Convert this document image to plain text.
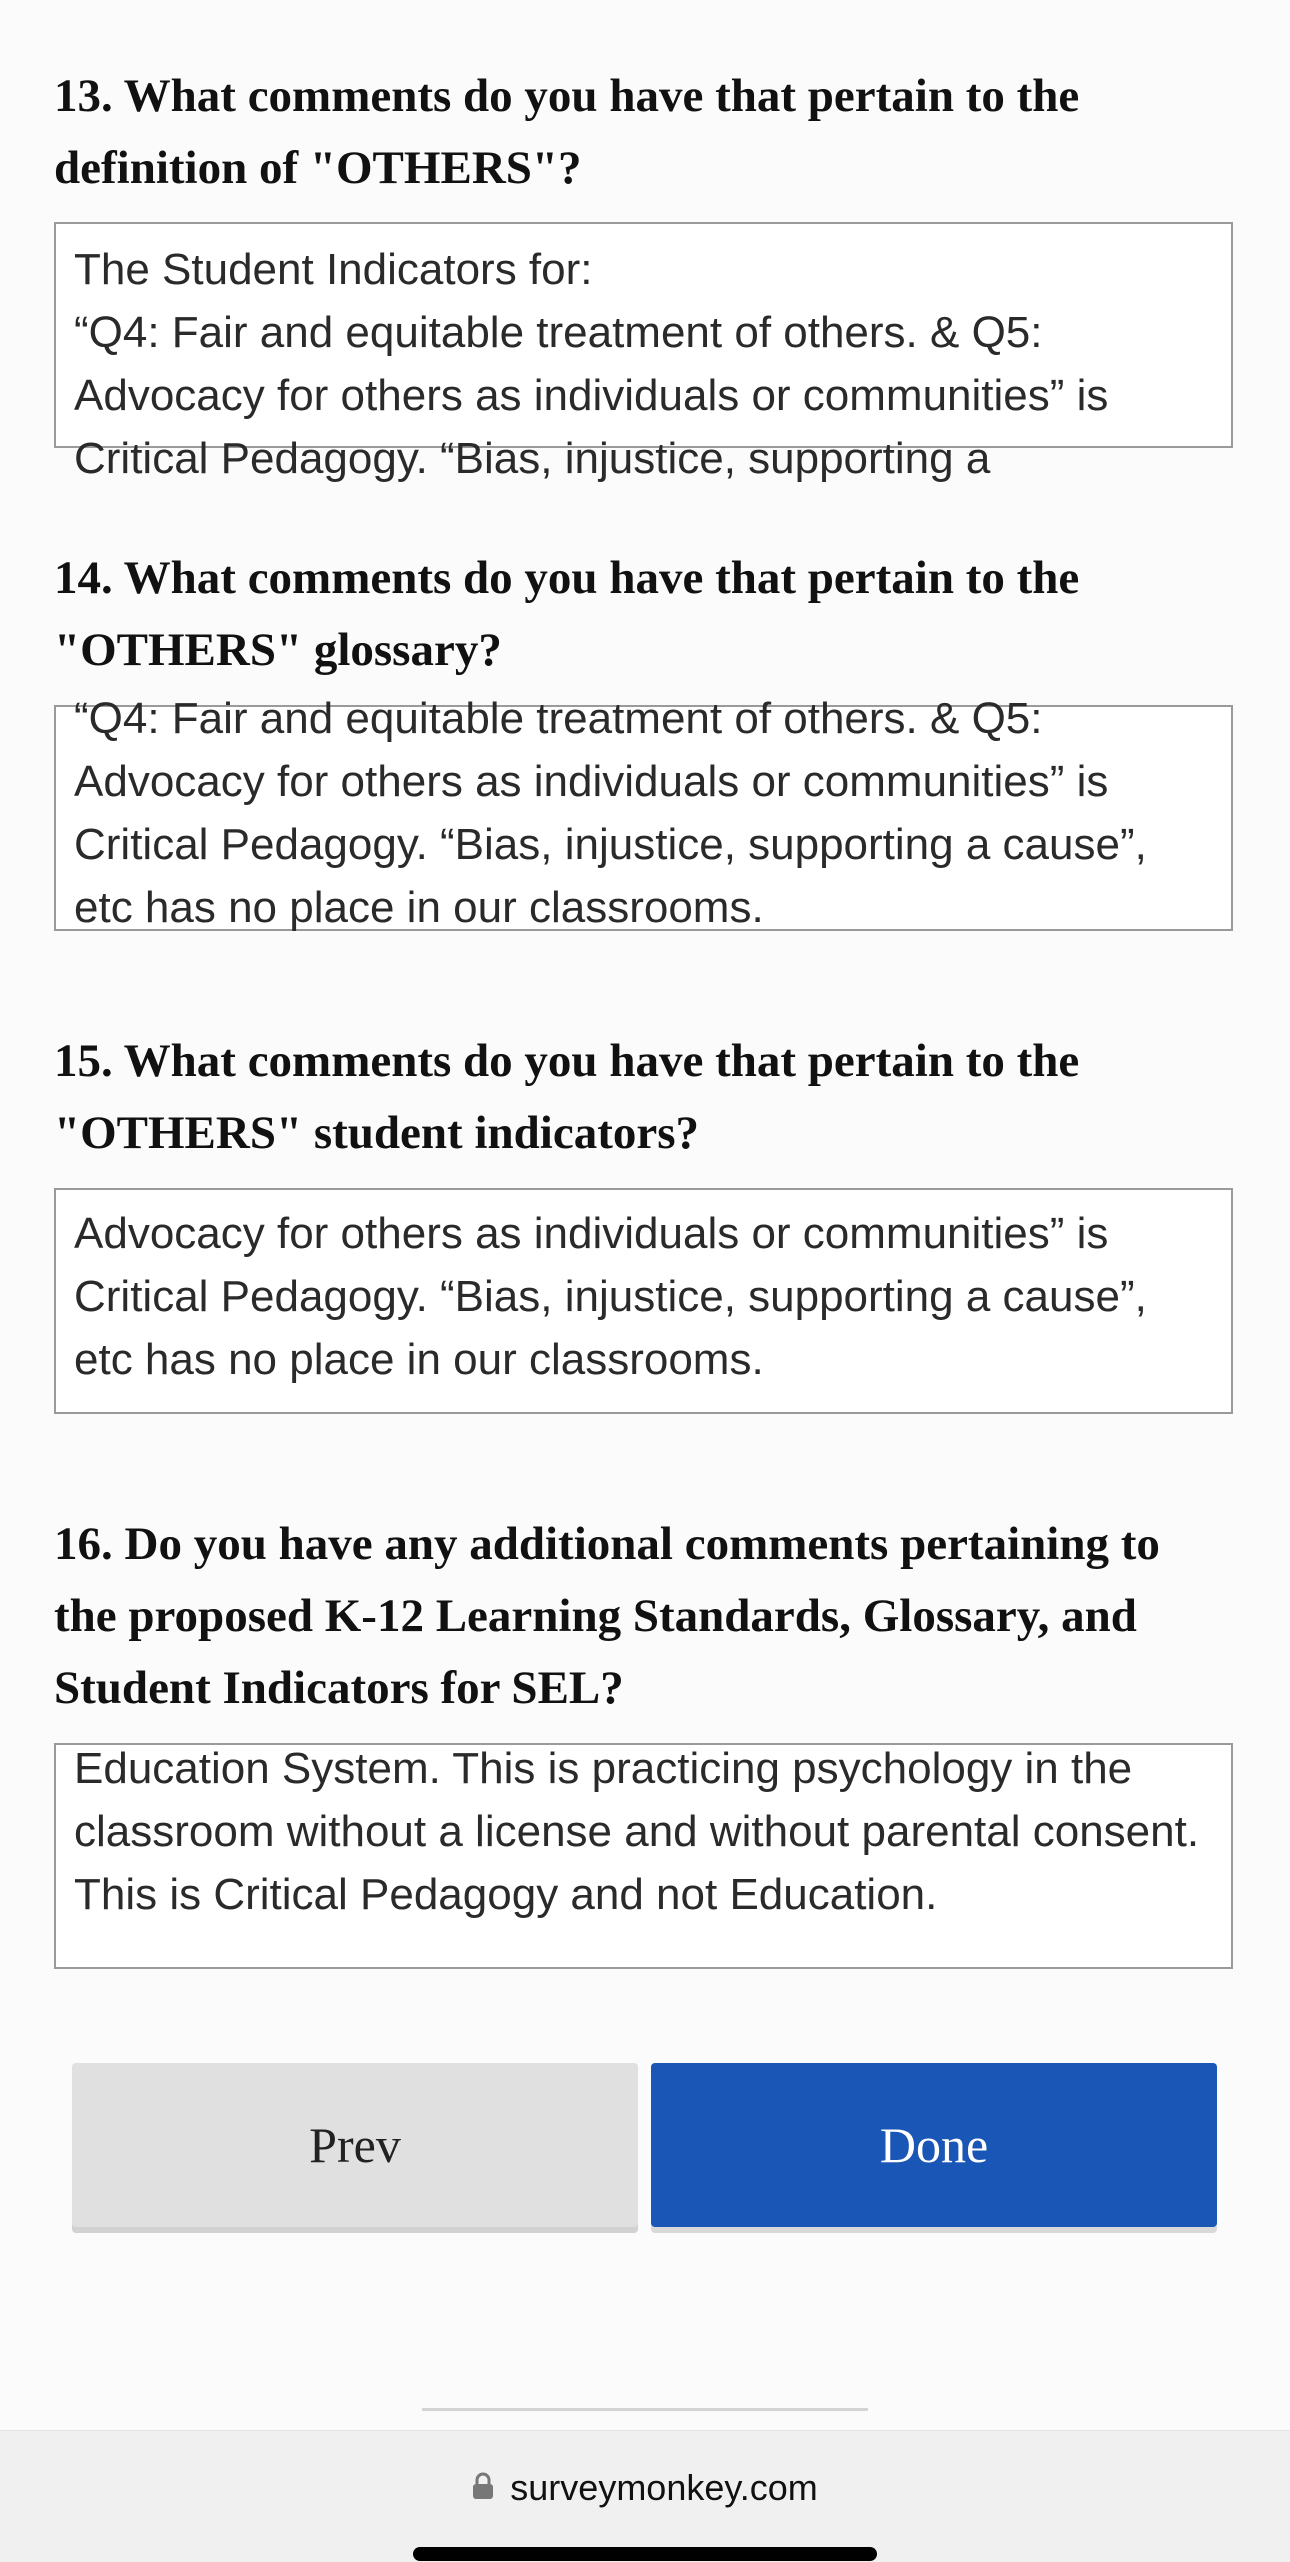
13. What comments do you have that pertain to the definition of "OTHERS"?

The Student Indicators for:
“Q4: Fair and equitable treatment of others. & Q5: Advocacy for others as individuals or communities” is Critical Pedagogy. “Bias, injustice, supporting a

14. What comments do you have that pertain to the "OTHERS" glossary?

“Q4: Fair and equitable treatment of others. & Q5: Advocacy for others as individuals or communities” is Critical Pedagogy. “Bias, injustice, supporting a cause”, etc has no place in our classrooms.

15. What comments do you have that pertain to the "OTHERS" student indicators?

Advocacy for others as individuals or communities” is Critical Pedagogy. “Bias, injustice, supporting a cause”, etc has no place in our classrooms.

16. Do you have any additional comments pertaining to the proposed K-12 Learning Standards, Glossary, and Student Indicators for SEL?

Education System. This is practicing psychology in the classroom without a license and without parental consent. This is Critical Pedagogy and not Education.

Prev	Done
surveymonkey.com
